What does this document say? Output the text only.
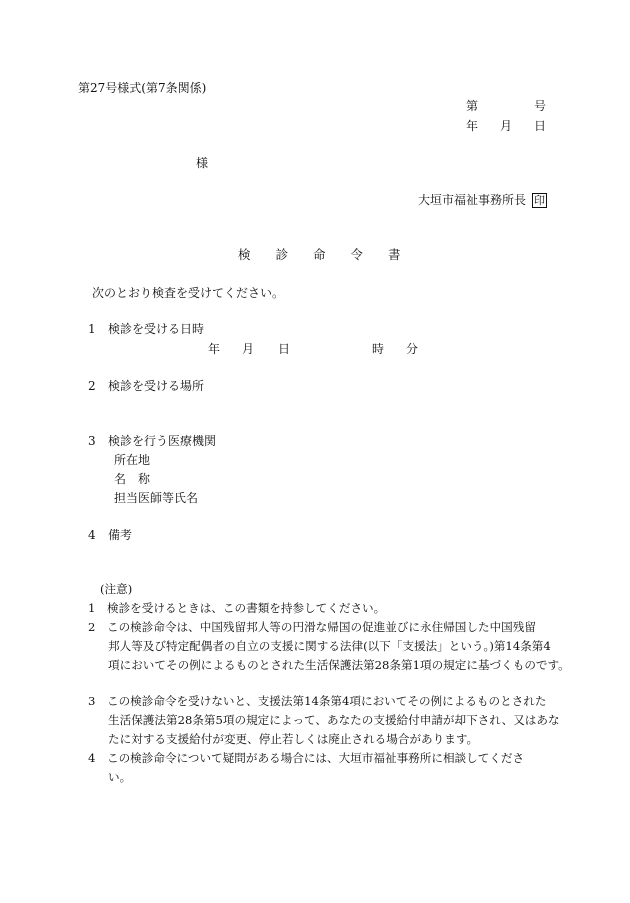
第27号様式(第7条関係)
第	号
年 月 日
様
大垣市福祉事務所長 印
検　　診　　命　　令　　書
次のとおり検査を受けてください。
1 検診を受ける日時
年 月 日	時 分
2 検診を受ける場所
3 検診を行う医療機関
所在地
名　称
担当医師等氏名
4 備考
(注意)
1　検診を受けるときは、この書類を持参してください。
2　この検診命令は、中国残留邦人等の円滑な帰国の促進並びに永住帰国した中国残留
邦人等及び特定配偶者の自立の支援に関する法律(以下「支援法」という。)第14条第4
項においてその例によるものとされた生活保護法第28条第1項の規定に基づくものです。
3　この検診命令を受けないと、支援法第14条第4項においてその例によるものとされた
生活保護法第28条第5項の規定によって、あなたの支援給付申請が却下され、又はあな
たに対する支援給付が変更、停止若しくは廃止される場合があります。
4　この検診命令について疑問がある場合には、大垣市福祉事務所に相談してくださ
い。
